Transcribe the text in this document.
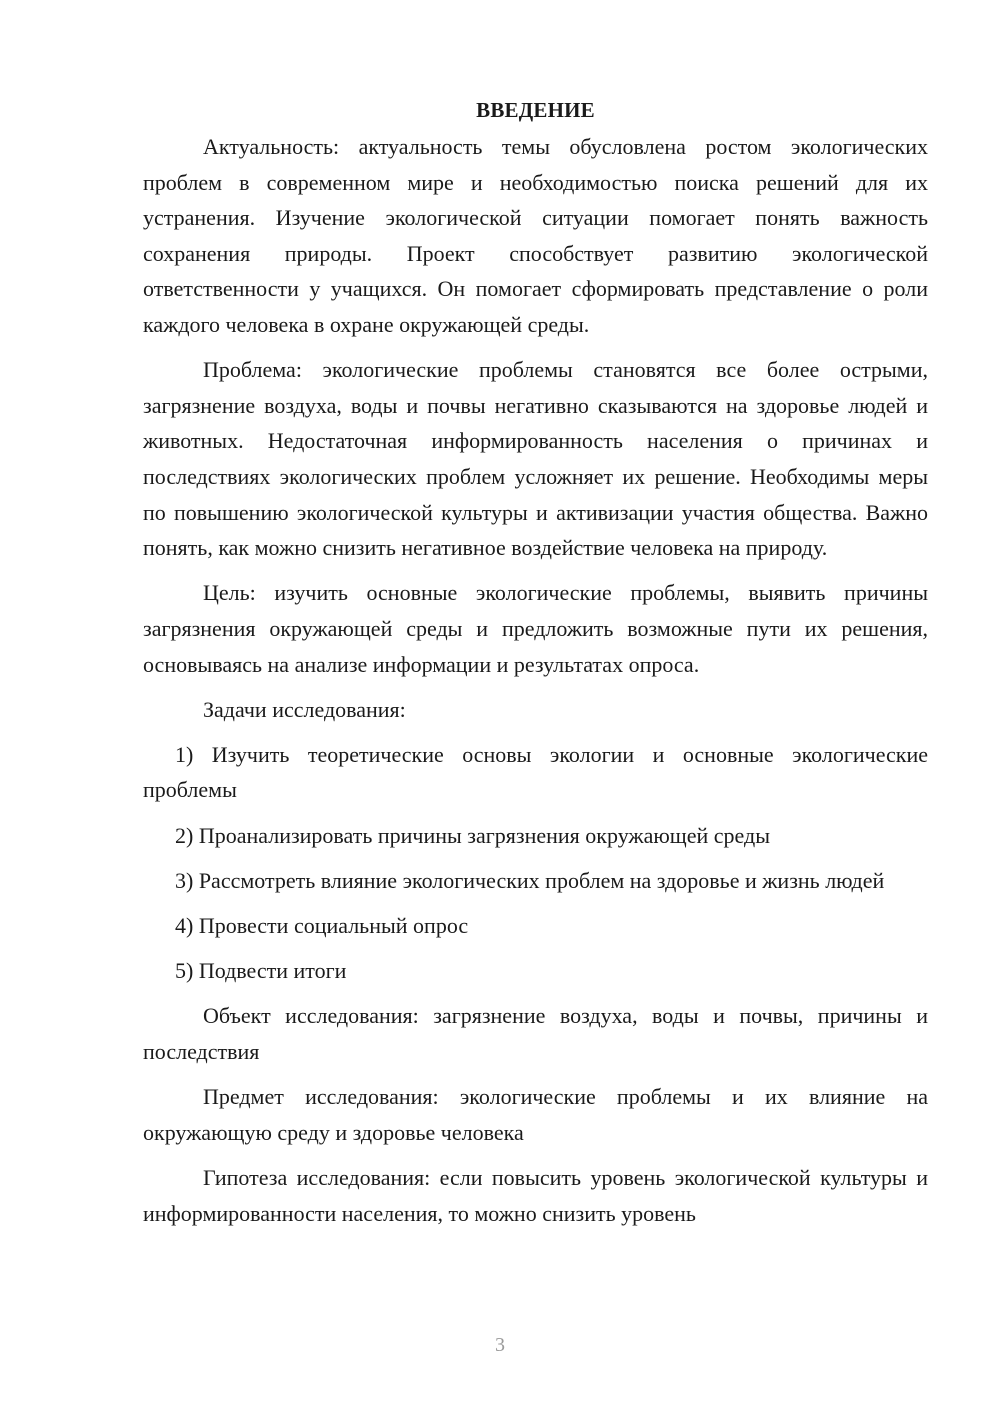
ВВЕДЕНИЕ

Актуальность: актуальность темы обусловлена ростом экологических проблем в современном мире и необходимостью поиска решений для их устранения. Изучение экологической ситуации помогает понять важность сохранения природы. Проект способствует развитию экологической ответственности у учащихся. Он помогает сформировать представление о роли каждого человека в охране окружающей среды.

Проблема: экологические проблемы становятся все более острыми, загрязнение воздуха, воды и почвы негативно сказываются на здоровье людей и животных. Недостаточная информированность населения о причинах и последствиях экологических проблем усложняет их решение. Необходимы меры по повышению экологической культуры и активизации участия общества. Важно понять, как можно снизить негативное воздействие человека на природу.

Цель: изучить основные экологические проблемы, выявить причины загрязнения окружающей среды и предложить возможные пути их решения, основываясь на анализе информации и результатах опроса.

Задачи исследования:

1) Изучить теоретические основы экологии и основные экологические проблемы

2) Проанализировать причины загрязнения окружающей среды

3) Рассмотреть влияние экологических проблем на здоровье и жизнь людей

4) Провести социальный опрос

5) Подвести итоги

Объект исследования: загрязнение воздуха, воды и почвы, причины и последствия

Предмет исследования: экологические проблемы и их влияние на окружающую среду и здоровье человека

Гипотеза исследования: если повысить уровень экологической культуры и информированности населения, то можно снизить уровень

3
